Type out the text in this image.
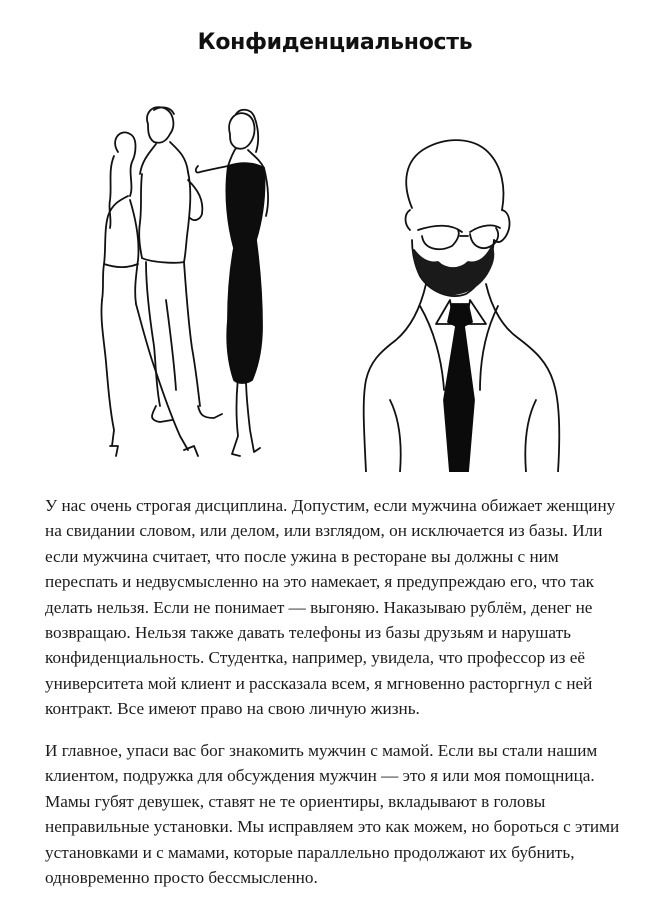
Конфиденциальность

У нас очень строгая дисциплина. Допустим, если мужчина обижает женщину на свидании словом, или делом, или взглядом, он исключается из базы. Или если мужчина считает, что после ужина в ресторане вы должны с ним переспать и недвусмысленно на это намекает, я предупреждаю его, что так делать нельзя. Если не понимает — выгоняю. Наказываю рублём, денег не возвращаю. Нельзя также давать телефоны из базы друзьям и нарушать конфиденциальность. Студентка, например, увидела, что профессор из её университета мой клиент и рассказала всем, я мгновенно расторгнул с ней контракт. Все имеют право на свою личную жизнь.

И главное, упаси вас бог знакомить мужчин с мамой. Если вы стали нашим клиентом, подружка для обсуждения мужчин — это я или моя помощница. Мамы губят девушек, ставят не те ориентиры, вкладывают в головы неправильные установки. Мы исправляем это как можем, но бороться с этими установками и с мамами, которые параллельно продолжают их бубнить, одновременно просто бессмысленно.
